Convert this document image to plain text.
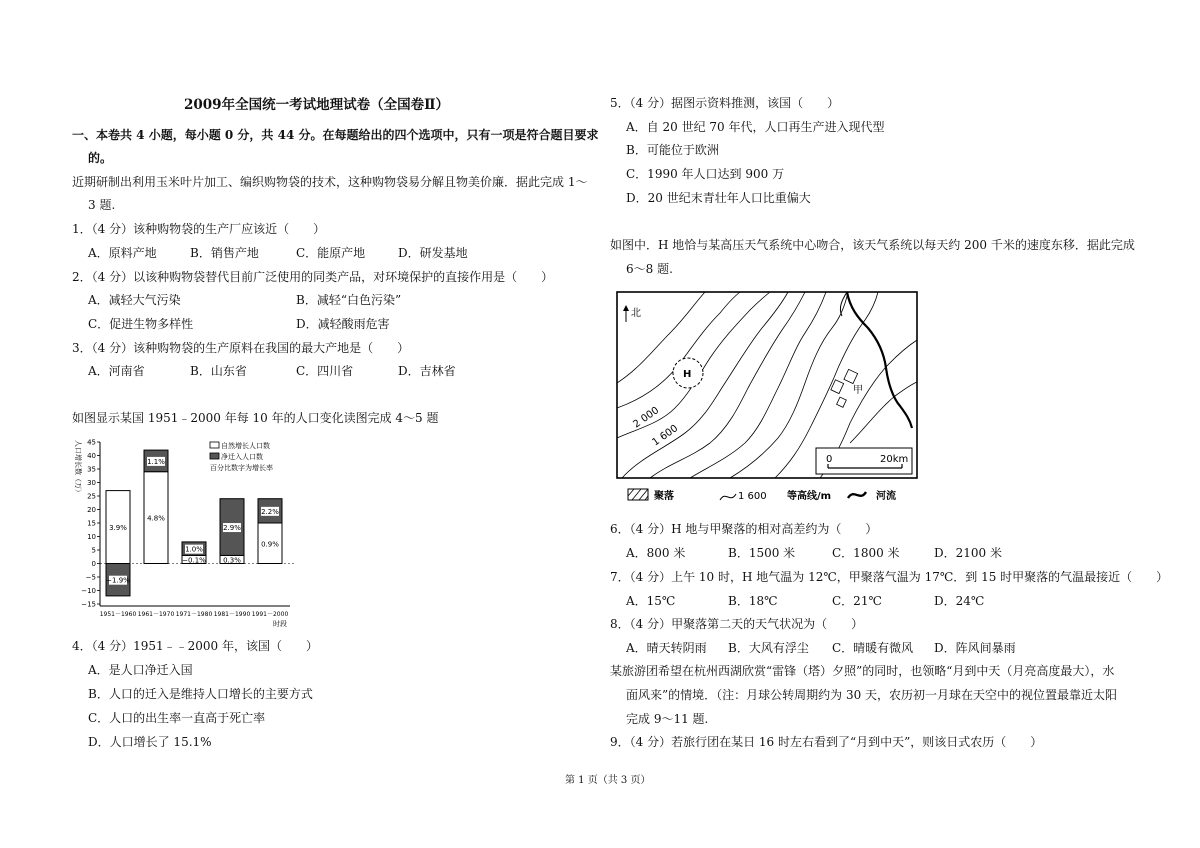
2009年全国统一考试地理试卷（全国卷Ⅱ）
一、本卷共 4 小题，每小题 0 分，共 44 分。在每题给出的四个选项中，只有一项是符合题目要求
的。
近期研制出利用玉米叶片加工、编织购物袋的技术，这种购物袋易分解且物美价廉．据此完成 1～
3 题.
1．（4 分）该种购物袋的生产厂应该近（　　）
A．原料产地	B．销售产地	C．能原产地	D．研发基地
2．（4 分）以该种购物袋替代目前广泛使用的同类产品，对环境保护的直接作用是（　　）
A．减轻大气污染	B．减轻“白色污染”
C．促进生物多样性	D．减轻酸雨危害
3．（4 分）该种购物袋的生产原料在我国的最大产地是（　　）
A．河南省	B．山东省	C．四川省	D．吉林省
如图显示某国 1951﹣2000 年每 10 年的人口变化读图完成 4～5 题
人口增长数（万） 45
40
35
30
25
20
15
10
5
0
−5
−10
−15
−1.9%
3.9%
1.1%
4.8%
1.0%
−0.1%
2.9%
0.3%
2.2%
0.9%
1951－1960 1961－1970 1971－1980 1981－1990 1991－2000
时段
自然增长人口数
净迁入人口数
百分比数字为增长率
4．（4 分）1951﹣﹣2000 年，该国（　　）
A．是人口净迁入国
B．人口的迁入是维持人口增长的主要方式
C．人口的出生率一直高于死亡率
D．人口增长了 15.1%
5．（4 分）据图示资料推测，该国（　　）
A．自 20 世纪 70 年代，人口再生产进入现代型
B．可能位于欧洲
C．1990 年人口达到 900 万
D．20 世纪末青壮年人口比重偏大
如图中．H 地恰与某高压天气系统中心吻合，该天气系统以每天约 200 千米的速度东移．据此完成
6～8 题.
北
H
甲
2 000
1 600
0	20km
聚落	1 600 等高线/m	河流
6．（4 分）H 地与甲聚落的相对高差约为（　　）
A．800 米	B．1500 米	C．1800 米	D．2100 米
7．（4 分）上午 10 时，H 地气温为 12℃，甲聚落气温为 17℃．到 15 时甲聚落的气温最接近（　　）
A．15℃	B．18℃	C．21℃	D．24℃
8．（4 分）甲聚落第二天的天气状况为（　　）
A．晴天转阴雨 B．大风有浮尘 C．晴暖有微风 D．阵风间暴雨
某旅游团希望在杭州西湖欣赏“雷锋（塔）夕照”的同时，也领略“月到中天（月亮高度最大），水
面风来”的情境．（注：月球公转周期约为 30 天，农历初一月球在天空中的视位置最靠近太阳
完成 9～11 题.
9．（4 分）若旅行团在某日 16 时左右看到了“月到中天”，则该日式农历（　　）
第 1 页（共 3 页）
